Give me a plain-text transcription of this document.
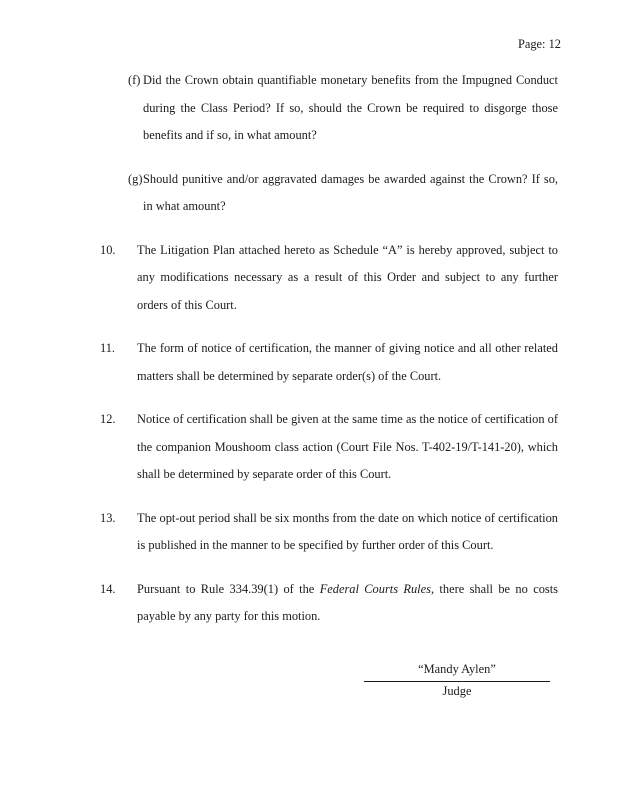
Page: 12
(f) Did the Crown obtain quantifiable monetary benefits from the Impugned Conduct during the Class Period? If so, should the Crown be required to disgorge those benefits and if so, in what amount?
(g) Should punitive and/or aggravated damages be awarded against the Crown? If so, in what amount?
10. The Litigation Plan attached hereto as Schedule “A” is hereby approved, subject to any modifications necessary as a result of this Order and subject to any further orders of this Court.
11. The form of notice of certification, the manner of giving notice and all other related matters shall be determined by separate order(s) of the Court.
12. Notice of certification shall be given at the same time as the notice of certification of the companion Moushoom class action (Court File Nos. T-402-19/T-141-20), which shall be determined by separate order of this Court.
13. The opt-out period shall be six months from the date on which notice of certification is published in the manner to be specified by further order of this Court.
14. Pursuant to Rule 334.39(1) of the Federal Courts Rules, there shall be no costs payable by any party for this motion.
“Mandy Aylen”
Judge
